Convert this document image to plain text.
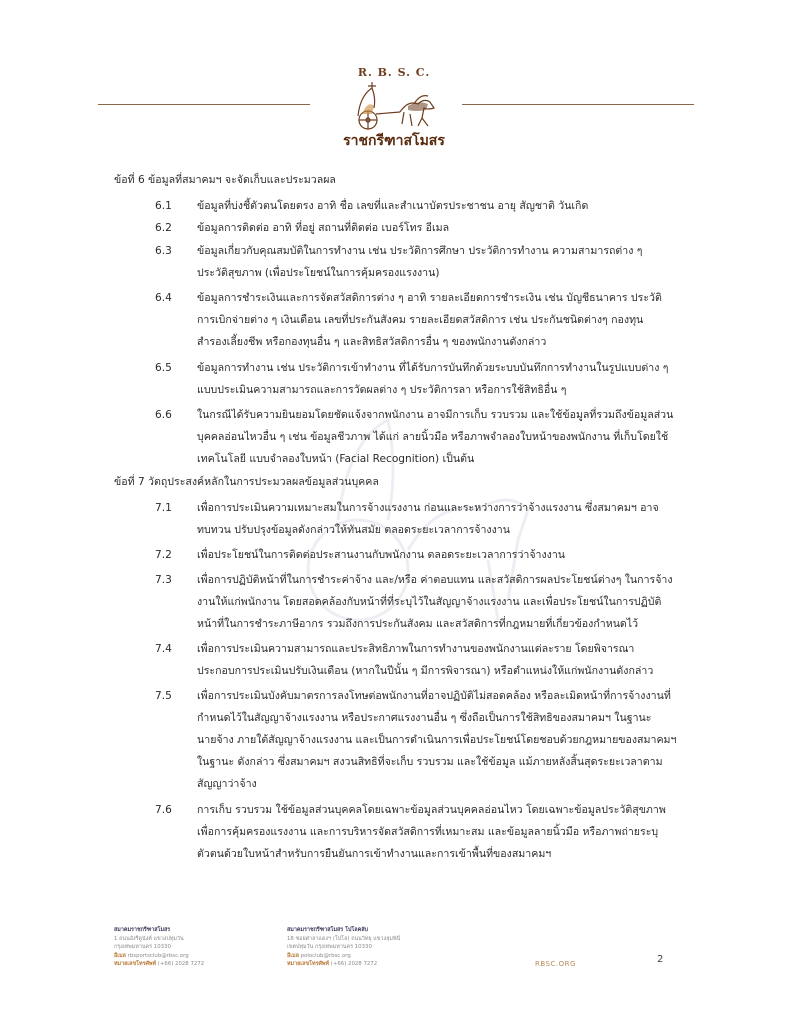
R. B. S. C.
ราชกรีฑาสโมสร
ข้อที่ 6 ข้อมูลที่สมาคมฯ จะจัดเก็บและประมวลผล
6.1 ข้อมูลที่บ่งชี้ตัวตนโดยตรง อาทิ ชื่อ เลขที่และสำเนาบัตรประชาชน อายุ สัญชาติ วันเกิด
6.2 ข้อมูลการติดต่อ อาทิ ที่อยู่ สถานที่ติดต่อ เบอร์โทร อีเมล
6.3 ข้อมูลเกี่ยวกับคุณสมบัติในการทำงาน เช่น ประวัติการศึกษา ประวัติการทำงาน ความสามารถต่าง ๆ
ประวัติสุขภาพ (เพื่อประโยชน์ในการคุ้มครองแรงงาน)
6.4 ข้อมูลการชำระเงินและการจัดสวัสดิการต่าง ๆ อาทิ รายละเอียดการชำระเงิน เช่น บัญชีธนาคาร ประวัติ
การเบิกจ่ายต่าง ๆ เงินเดือน เลขที่ประกันสังคม รายละเอียดสวัสดิการ เช่น ประกันชนิดต่างๆ กองทุน
สำรองเลี้ยงชีพ หรือกองทุนอื่น ๆ และสิทธิสวัสดิการอื่น ๆ ของพนักงานดังกล่าว
6.5 ข้อมูลการทำงาน เช่น ประวัติการเข้าทำงาน ที่ได้รับการบันทึกด้วยระบบบันทึกการทำงานในรูปแบบต่าง ๆ
แบบประเมินความสามารถและการวัดผลต่าง ๆ ประวัติการลา หรือการใช้สิทธิอื่น ๆ
6.6 ในกรณีได้รับความยินยอมโดยชัดแจ้งจากพนักงาน อาจมีการเก็บ รวบรวม และใช้ข้อมูลที่รวมถึงข้อมูลส่วน
บุคคลอ่อนไหวอื่น ๆ เช่น ข้อมูลชีวภาพ ได้แก่ ลายนิ้วมือ หรือภาพจำลองใบหน้าของพนักงาน ที่เก็บโดยใช้
เทคโนโลยี แบบจำลองใบหน้า (Facial Recognition) เป็นต้น
ข้อที่ 7 วัตถุประสงค์หลักในการประมวลผลข้อมูลส่วนบุคคล
7.1 เพื่อการประเมินความเหมาะสมในการจ้างแรงงาน ก่อนและระหว่างการว่าจ้างแรงงาน ซึ่งสมาคมฯ อาจ
ทบทวน ปรับปรุงข้อมูลดังกล่าวให้ทันสมัย ตลอดระยะเวลาการจ้างงาน
7.2 เพื่อประโยชน์ในการติดต่อประสานงานกับพนักงาน ตลอดระยะเวลาการว่าจ้างงาน
7.3 เพื่อการปฏิบัติหน้าที่ในการชำระค่าจ้าง และ/หรือ ค่าตอบแทน และสวัสดิการผลประโยชน์ต่างๆ ในการจ้าง
งานให้แก่พนักงาน โดยสอดคล้องกับหน้าที่ที่ระบุไว้ในสัญญาจ้างแรงงาน และเพื่อประโยชน์ในการปฏิบัติ
หน้าที่ในการชำระภาษีอากร รวมถึงการประกันสังคม และสวัสดิการที่กฎหมายที่เกี่ยวข้องกำหนดไว้
7.4 เพื่อการประเมินความสามารถและประสิทธิภาพในการทำงานของพนักงานแต่ละราย โดยพิจารณา
ประกอบการประเมินปรับเงินเดือน (หากในปีนั้น ๆ มีการพิจารณา) หรือตำแหน่งให้แก่พนักงานดังกล่าว
7.5 เพื่อการประเมินบังคับมาตรการลงโทษต่อพนักงานที่อาจปฏิบัติไม่สอดคล้อง หรือละเมิดหน้าที่การจ้างงานที่
กำหนดไว้ในสัญญาจ้างแรงงาน หรือประกาศแรงงานอื่น ๆ ซึ่งถือเป็นการใช้สิทธิของสมาคมฯ ในฐานะ
นายจ้าง ภายใต้สัญญาจ้างแรงงาน และเป็นการดำเนินการเพื่อประโยชน์โดยชอบด้วยกฎหมายของสมาคมฯ
ในฐานะ ดังกล่าว ซึ่งสมาคมฯ สงวนสิทธิที่จะเก็บ รวบรวม และใช้ข้อมูล แม้ภายหลังสิ้นสุดระยะเวลาตาม
สัญญาว่าจ้าง
7.6 การเก็บ รวบรวม ใช้ข้อมูลส่วนบุคคลโดยเฉพาะข้อมูลส่วนบุคคลอ่อนไหว โดยเฉพาะข้อมูลประวัติสุขภาพ
เพื่อการคุ้มครองแรงงาน และการบริหารจัดสวัสดิการที่เหมาะสม และข้อมูลลายนิ้วมือ หรือภาพถ่ายระบุ
ตัวตนด้วยใบหน้าสำหรับการยืนยันการเข้าทำงานและการเข้าพื้นที่ของสมาคมฯ
สมาคมราชกรีฑาสโมสร
1 ถนนอังรีดูนังต์ แขวงปทุมวัน
กรุงเทพมหานคร 10330
อีเมล rbsportsclub@rbsc.org
หมายเลขโทรศัพท์ (+66) 2028 7272
สมาคมราชกรีฑาสโมสร โปโลคลับ
18 ซอยศาลาแดงฯ (โปโล) ถนนวิทยุ แขวงลุมพินี
เขตปทุมวัน กรุงเทพมหานคร 10330
อีเมล poloclub@rbsc.org
หมายเลขโทรศัพท์ (+66) 2028 7272	RBSC.ORG	2
